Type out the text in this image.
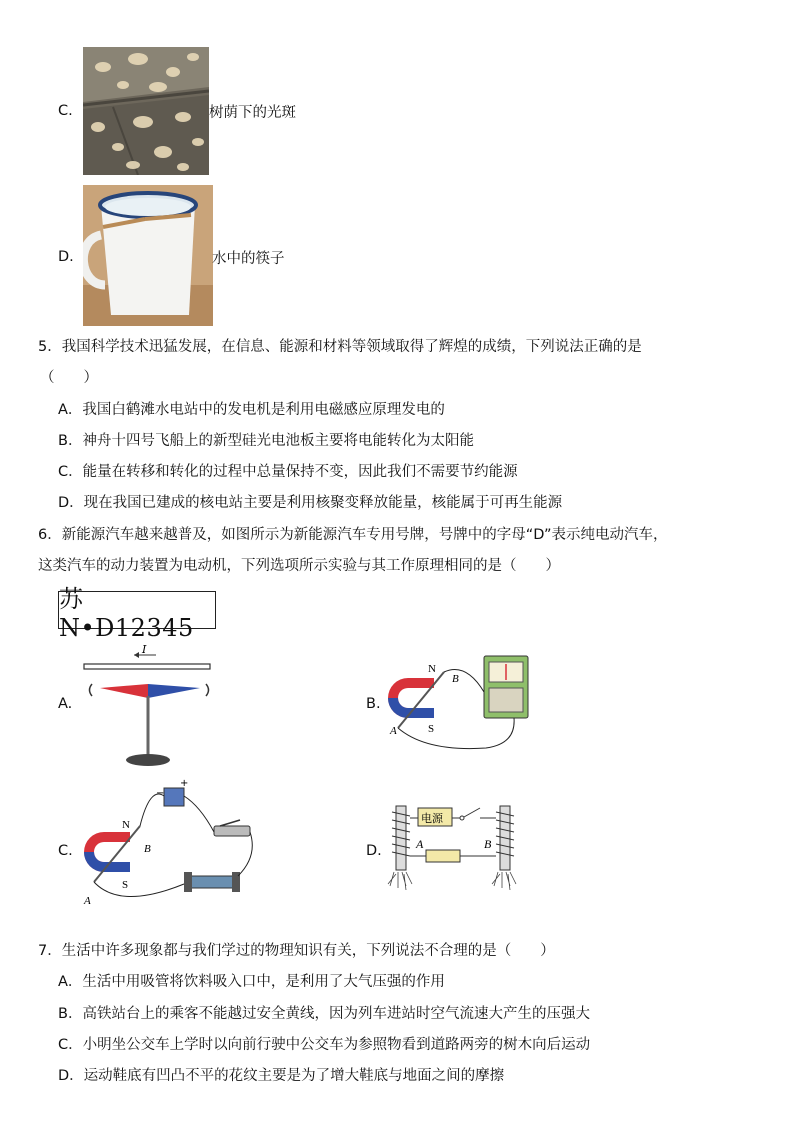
C.	树荫下的光斑
D.	水中的筷子
5．我国科学技术迅猛发展，在信息、能源和材料等领域取得了辉煌的成绩，下列说法正确的是
（　　）
A．我国白鹤滩水电站中的发电机是利用电磁感应原理发电的
B．神舟十四号飞船上的新型硅光电池板主要将电能转化为太阳能
C．能量在转移和转化的过程中总量保持不变，因此我们不需要节约能源
D．现在我国已建成的核电站主要是利用核聚变释放能量，核能属于可再生能源
6．新能源汽车越来越普及，如图所示为新能源汽车专用号牌，号牌中的字母“D”表示纯电动汽车，
这类汽车的动力装置为电动机，下列选项所示实验与其工作原理相同的是（　　）
苏N•D12345
A.
I
B.
N
S
A
B
C.
+
−
N
S
A
B	D.
电源
A	B
7．生活中许多现象都与我们学过的物理知识有关，下列说法不合理的是（　　）
A．生活中用吸管将饮料吸入口中，是利用了大气压强的作用
B．高铁站台上的乘客不能越过安全黄线，因为列车进站时空气流速大产生的压强大
C．小明坐公交车上学时以向前行驶中公交车为参照物看到道路两旁的树木向后运动
D．运动鞋底有凹凸不平的花纹主要是为了增大鞋底与地面之间的摩擦
